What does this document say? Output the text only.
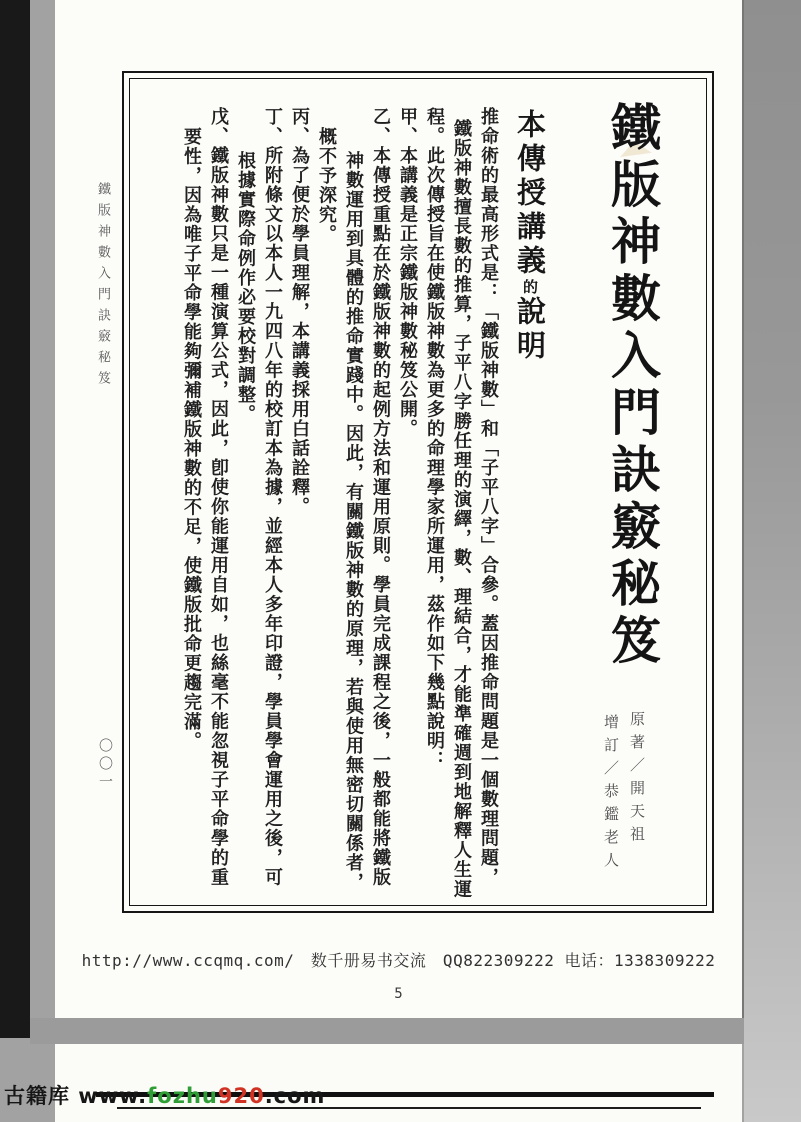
鐵版神數入門訣竅秘笈
原著／開天祖
增訂／恭鑑老人
本傳授講義的說明
推命術的最高形式是：「鐵版神數」和「子平八字」合參。蓋因推命問題是一個數理問題，
鐵版神數擅長數的推算，子平八字勝任理的演繹，數、理結合，才能準確週到地解釋人生運
程。此次傳授旨在使鐵版神數為更多的命理學家所運用，茲作如下幾點說明：
甲、本講義是正宗鐵版神數秘笈公開。
乙、本傳授重點在於鐵版神數的起例方法和運用原則。學員完成課程之後，一般都能將鐵版
神數運用到具體的推命實踐中。因此，有關鐵版神數的原理，若與使用無密切關係者，
概不予深究。
丙、為了便於學員理解，本講義採用白話詮釋。
丁、所附條文以本人一九四八年的校訂本為據，並經本人多年印證，學員學會運用之後，可
根據實際命例作必要校對調整。
戊、鐵版神數只是一種演算公式，因此，卽使你能運用自如，也絲毫不能忽視子平命學的重
要性，因為唯子平命學能夠彌補鐵版神數的不足，使鐵版批命更趨完滿。
鐵版神數入門訣竅秘笈
〇〇一
http://www.ccqmq.com/　数千册易书交流　QQ822309222 电话：1338309222
5
古籍库 www.fozhu920.com
